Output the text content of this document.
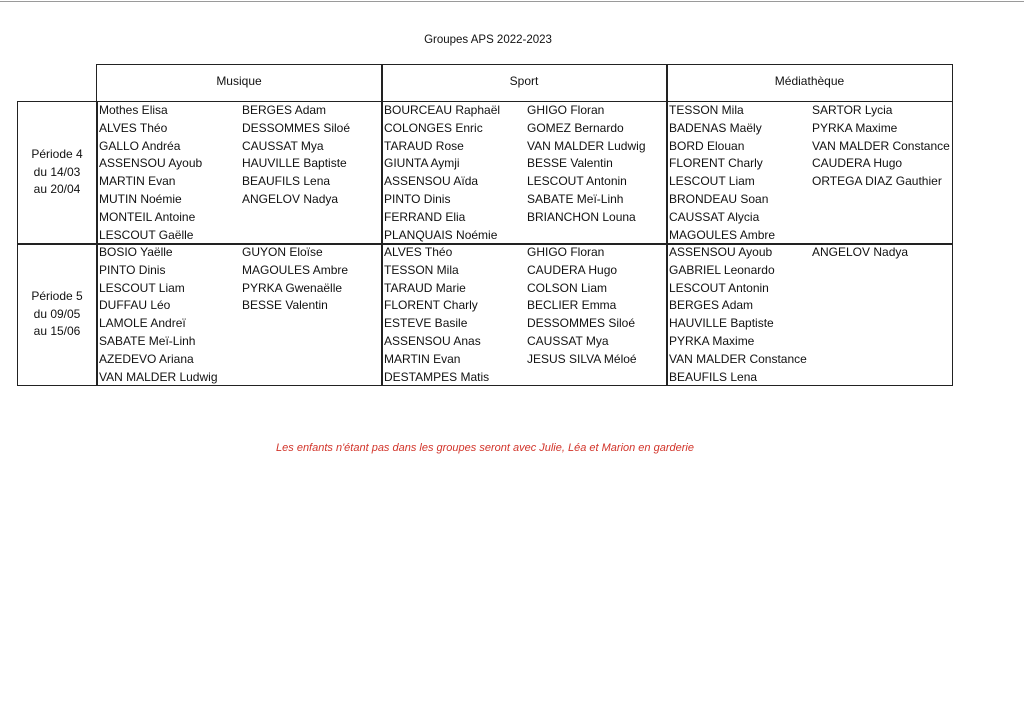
Groupes APS 2022-2023
Musique	Sport	Médiathèque
Période 4
du 14/03
au 20/04
Période 5
du 09/05
au 15/06
Mothes Elisa
ALVES Théo
GALLO Andréa
ASSENSOU Ayoub
MARTIN Evan
MUTIN Noémie
MONTEIL Antoine
LESCOUT Gaëlle
BERGES Adam
DESSOMMES Siloé
CAUSSAT Mya
HAUVILLE Baptiste
BEAUFILS Lena
ANGELOV Nadya
BOURCEAU Raphaël
COLONGES Enric
TARAUD Rose
GIUNTA Aymji
ASSENSOU Aïda
PINTO Dinis
FERRAND Elia
PLANQUAIS Noémie
GHIGO Floran
GOMEZ Bernardo
VAN MALDER Ludwig
BESSE Valentin
LESCOUT Antonin
SABATE Meï-Linh
BRIANCHON Louna
TESSON Mila
BADENAS Maëly
BORD Elouan
FLORENT Charly
LESCOUT Liam
BRONDEAU Soan
CAUSSAT Alycia
MAGOULES Ambre
SARTOR Lycia
PYRKA Maxime
VAN MALDER Constance
CAUDERA Hugo
ORTEGA DIAZ Gauthier
BOSIO Yaëlle
PINTO Dinis
LESCOUT Liam
DUFFAU Léo
LAMOLE Andreï
SABATE Meï-Linh
AZEDEVO Ariana
VAN MALDER Ludwig
GUYON Eloïse
MAGOULES Ambre
PYRKA Gwenaëlle
BESSE Valentin
ALVES Théo
TESSON Mila
TARAUD Marie
FLORENT Charly
ESTEVE Basile
ASSENSOU Anas
MARTIN Evan
DESTAMPES Matis
GHIGO Floran
CAUDERA Hugo
COLSON Liam
BECLIER Emma
DESSOMMES Siloé
CAUSSAT Mya
JESUS SILVA Méloé
ASSENSOU Ayoub
GABRIEL Leonardo
LESCOUT Antonin
BERGES Adam
HAUVILLE Baptiste
PYRKA Maxime
VAN MALDER Constance
BEAUFILS Lena
ANGELOV Nadya
Les enfants n'étant pas dans les groupes seront avec Julie, Léa et Marion en garderie
